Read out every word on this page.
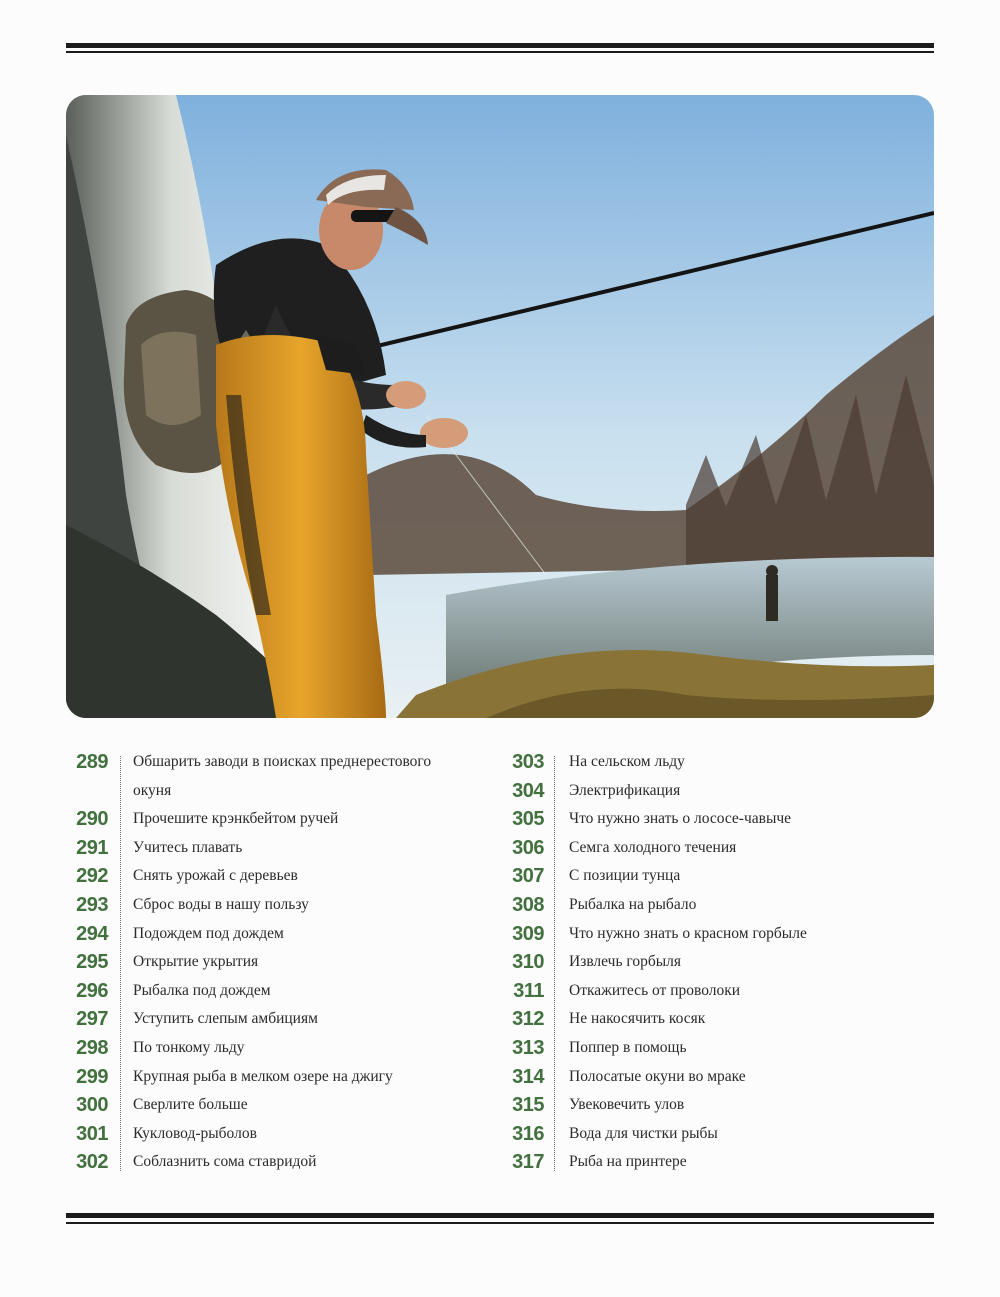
289 Обшарить заводи в поисках преднерестового окуня
290 Прочешите крэнкбейтом ручей
291 Учитесь плавать
292 Снять урожай с деревьев
293 Сброс воды в нашу пользу
294 Подождем под дождем
295 Открытие укрытия
296 Рыбалка под дождем
297 Уступить слепым амбициям
298 По тонкому льду
299 Крупная рыба в мелком озере на джигу
300 Сверлите больше
301 Кукловод-рыболов
302 Соблазнить сома ставридой
303 На сельском льду
304 Электрификация
305 Что нужно знать о лососе-чавыче
306 Семга холодного течения
307 С позиции тунца
308 Рыбалка на рыбало
309 Что нужно знать о красном горбыле
310 Извлечь горбыля
311 Откажитесь от проволоки
312 Не накосячить косяк
313 Поппер в помощь
314 Полосатые окуни во мраке
315 Увековечить улов
316 Вода для чистки рыбы
317 Рыба на принтере
